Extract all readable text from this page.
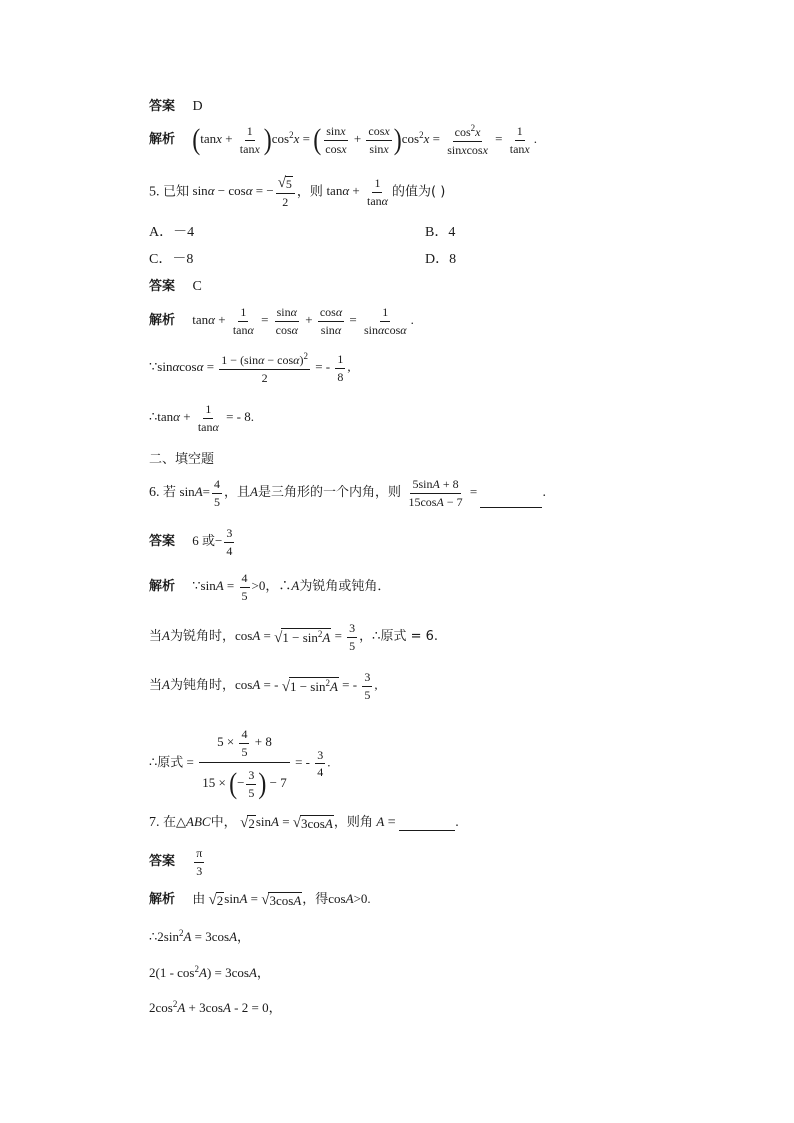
答案 D
解析 $(\tan x + \frac{1}{\tan x} )\cos^2x$ = ( $\frac{\sin x}{\cos x} + \frac{\cos x}{\sin x} )\cos^2x = \frac{\cos^2x}{\text{sinxcosx}} = \frac{1}{\tan x}$ .
5. 已知 sinα − cosα = − $\frac{√ 5}{2}$ ，则 $\tan\alpha + \frac{1}{\tan\alpha}$ 的值为( )
A．－4	B．4
C．－8	D．8
答案 C
解析 $\tan\alpha + \frac{1}{\tan\alpha} = \frac{\sin\alpha}{\cos\alpha} + \frac{\cos\alpha}{\sin\alpha} = \frac{1}{\sin\alpha\cos\alpha}$ .
∵sinαcosα = $\frac{1 - (\sin\alpha - \cos\alpha)^2}{2}$ = - $\frac{1}{8}$ ,
∴tanα + $\frac{1}{\tan\alpha}$ = - 8.
二、填空题
6. 若 $\sin A= \frac{4}{5}$ ，且A是三角形的一个内角，则 $\frac{5\sin A + 8}{15\cos A - 7}$ =	.
答案 6 或− $\frac{3}{4}$
解析 ∵sinA = $\frac{4}{5} >0$，∴A为锐角或钝角．
当A为锐角时，cosA = √ $1 - \sin^2A = \frac{3}{5}$ ，∴原式 = 6.
当A为钝角时，cosA = - √ $1 - \sin^2A$ = - $\frac{3}{5}$ ,
∴原式 = $\frac{5 \times \frac{4}{5} + 8}{15 \times (- \frac{3}{5} ) - 7}$ = - $\frac{3}{4}$ .
7. 在△ABC中， √ 2 sinA = √ 3cosA ，则角 A =	.
答案 $\frac{\pi}{3}$
解析 由 √ 2 sinA = √ 3cosA ，得cosA>0.
$\therefore 2\sin^2A = 3\cos A$，
$2(1 - \cos^2A) = 3\cos A$，
$2\cos^2A + 3\cos A - 2 = 0$，
